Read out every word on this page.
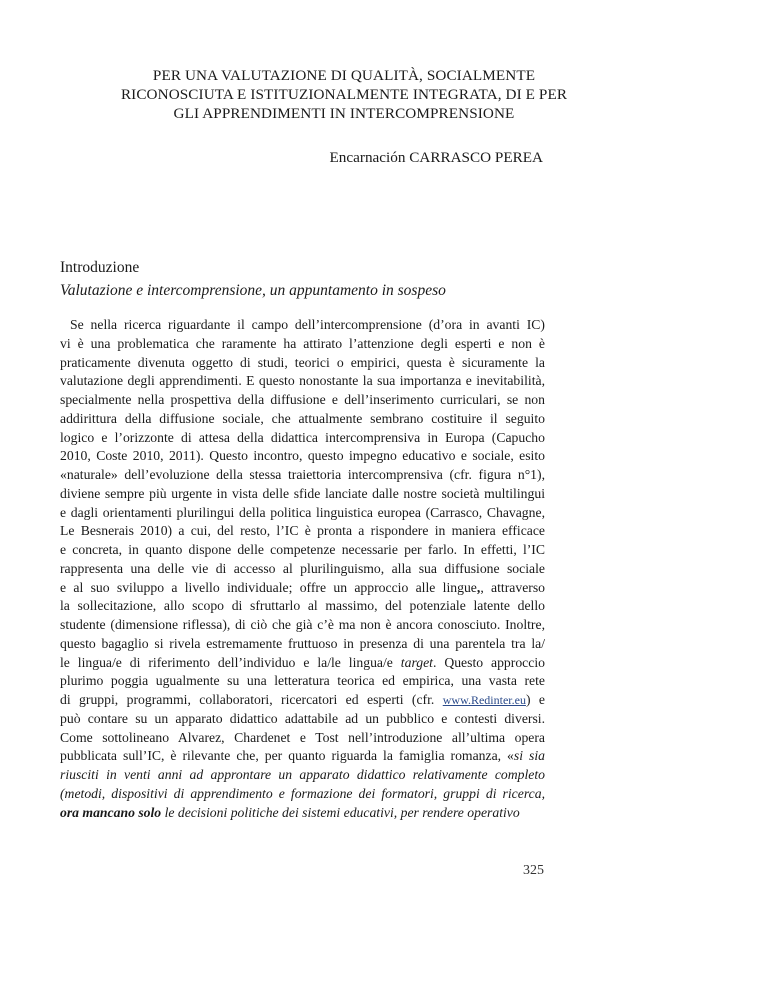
PER UNA VALUTAZIONE DI QUALITÀ, SOCIALMENTE
RICONOSCIUTA E ISTITUZIONALMENTE INTEGRATA, DI E PER
GLI APPRENDIMENTI IN INTERCOMPRENSIONE
Encarnación CARRASCO PEREA
Introduzione
Valutazione e intercomprensione, un appuntamento in sospeso
Se nella ricerca riguardante il campo dell’intercomprensione (d’ora in avanti IC)
vi è una problematica che raramente ha attirato l’attenzione degli esperti e non è
praticamente divenuta oggetto di studi, teorici o empirici, questa è sicuramente la
valutazione degli apprendimenti. E questo nonostante la sua importanza e inevitabilità,
specialmente nella prospettiva della diffusione e dell’inserimento curriculari, se non
addirittura della diffusione sociale, che attualmente sembrano costituire il seguito
logico e l’orizzonte di attesa della didattica intercomprensiva in Europa (Capucho
2010, Coste 2010, 2011). Questo incontro, questo impegno educativo e sociale, esito
«naturale» dell’evoluzione della stessa traiettoria intercomprensiva (cfr. figura n°1),
diviene sempre più urgente in vista delle sfide lanciate dalle nostre società multilingui
e dagli orientamenti plurilingui della politica linguistica europea (Carrasco, Chavagne,
Le Besnerais 2010) a cui, del resto, l’IC è pronta a rispondere in maniera efficace
e concreta, in quanto dispone delle competenze necessarie per farlo. In effetti, l’IC
rappresenta una delle vie di accesso al plurilinguismo, alla sua diffusione sociale
e al suo sviluppo a livello individuale; offre un approccio alle lingue,, attraverso
la sollecitazione, allo scopo di sfruttarlo al massimo, del potenziale latente dello
studente (dimensione riflessa), di ciò che già c’è ma non è ancora conosciuto. Inoltre,
questo bagaglio si rivela estremamente fruttuoso in presenza di una parentela tra la/
le lingua/e di riferimento dell’individuo e la/le lingua/e target. Questo approccio
plurimo poggia ugualmente su una letteratura teorica ed empirica, una vasta rete
di gruppi, programmi, collaboratori, ricercatori ed esperti (cfr. www.Redinter.eu) e
può contare su un apparato didattico adattabile ad un pubblico e contesti diversi.
Come sottolineano Alvarez, Chardenet e Tost nell’introduzione all’ultima opera
pubblicata sull’IC, è rilevante che, per quanto riguarda la famiglia romanza, «si sia
riusciti in venti anni ad approntare un apparato didattico relativamente completo
(metodi, dispositivi di apprendimento e formazione dei formatori, gruppi di ricerca,
ora mancano solo le decisioni politiche dei sistemi educativi, per rendere operativo
325
